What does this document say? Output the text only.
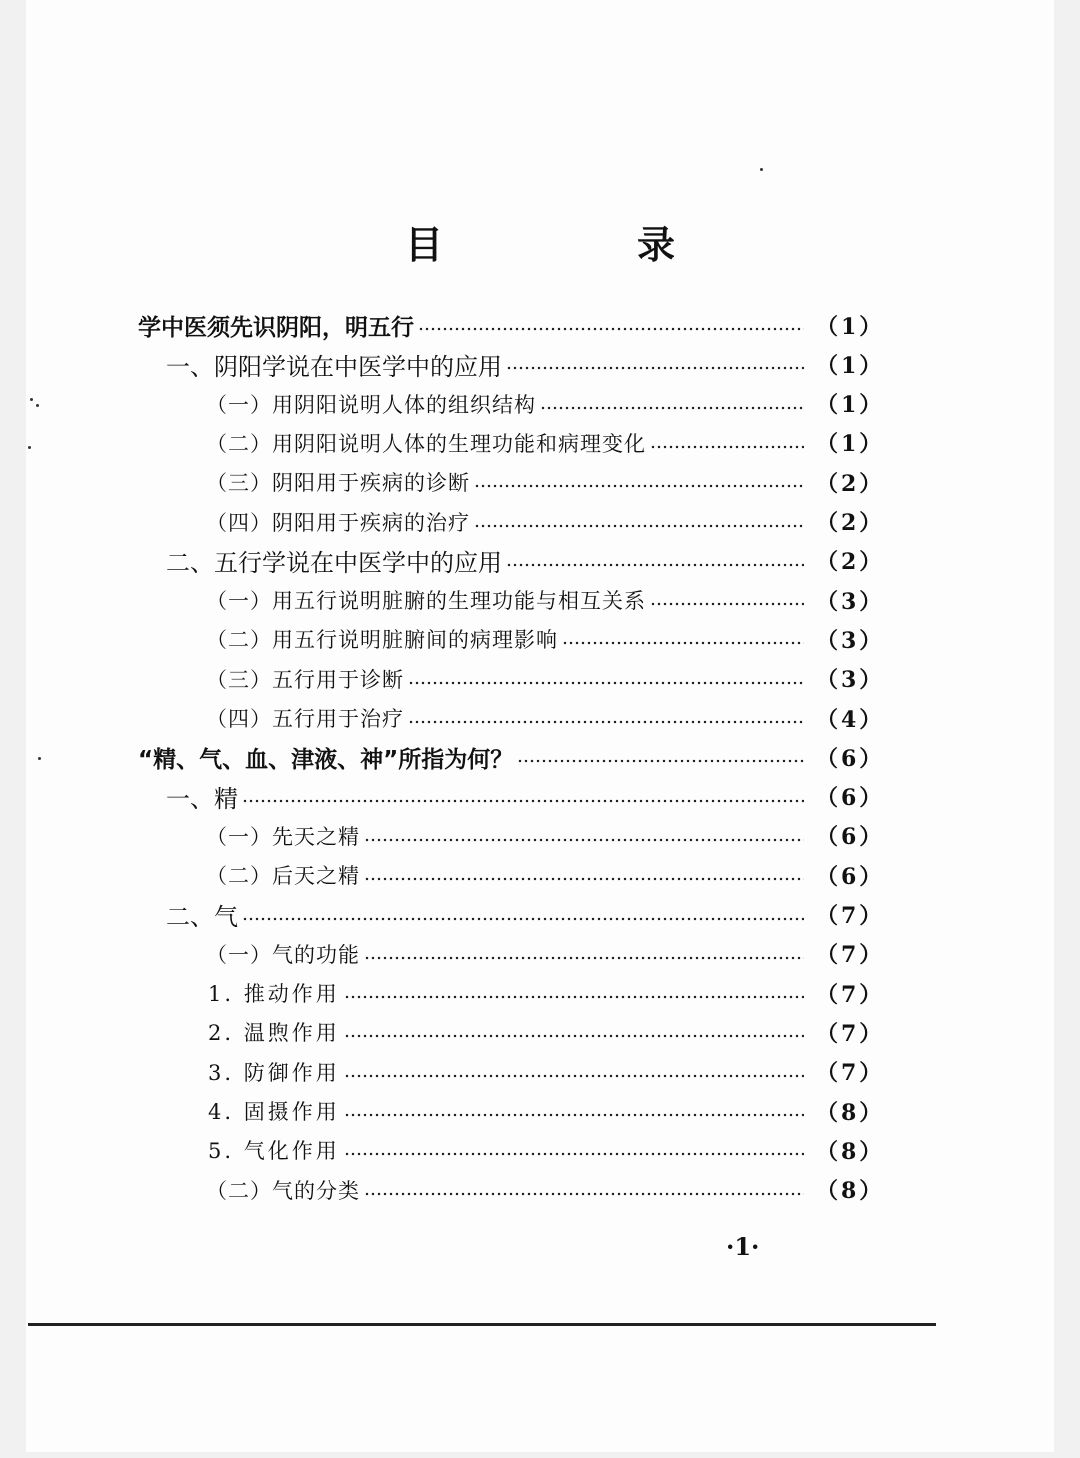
目　录
学中医须先识阴阳，明五行	（1）
一、阴阳学说在中医学中的应用	（1）
（一）用阴阳说明人体的组织结构	（1）
（二）用阴阳说明人体的生理功能和病理变化	（1）
（三）阴阳用于疾病的诊断	（2）
（四）阴阳用于疾病的治疗	（2）
二、五行学说在中医学中的应用	（2）
（一）用五行说明脏腑的生理功能与相互关系	（3）
（二）用五行说明脏腑间的病理影响	（3）
（三）五行用于诊断	（3）
（四）五行用于治疗	（4）
“精、气、血、津液、神”所指为何？	（6）
一、精	（6）
（一）先天之精	（6）
（二）后天之精	（6）
二、气	（7）
（一）气的功能	（7）
1. 推动作用	（7）
2. 温煦作用	（7）
3. 防御作用	（7）
4. 固摄作用	（8）
5. 气化作用	（8）
（二）气的分类	（8）
·1·
